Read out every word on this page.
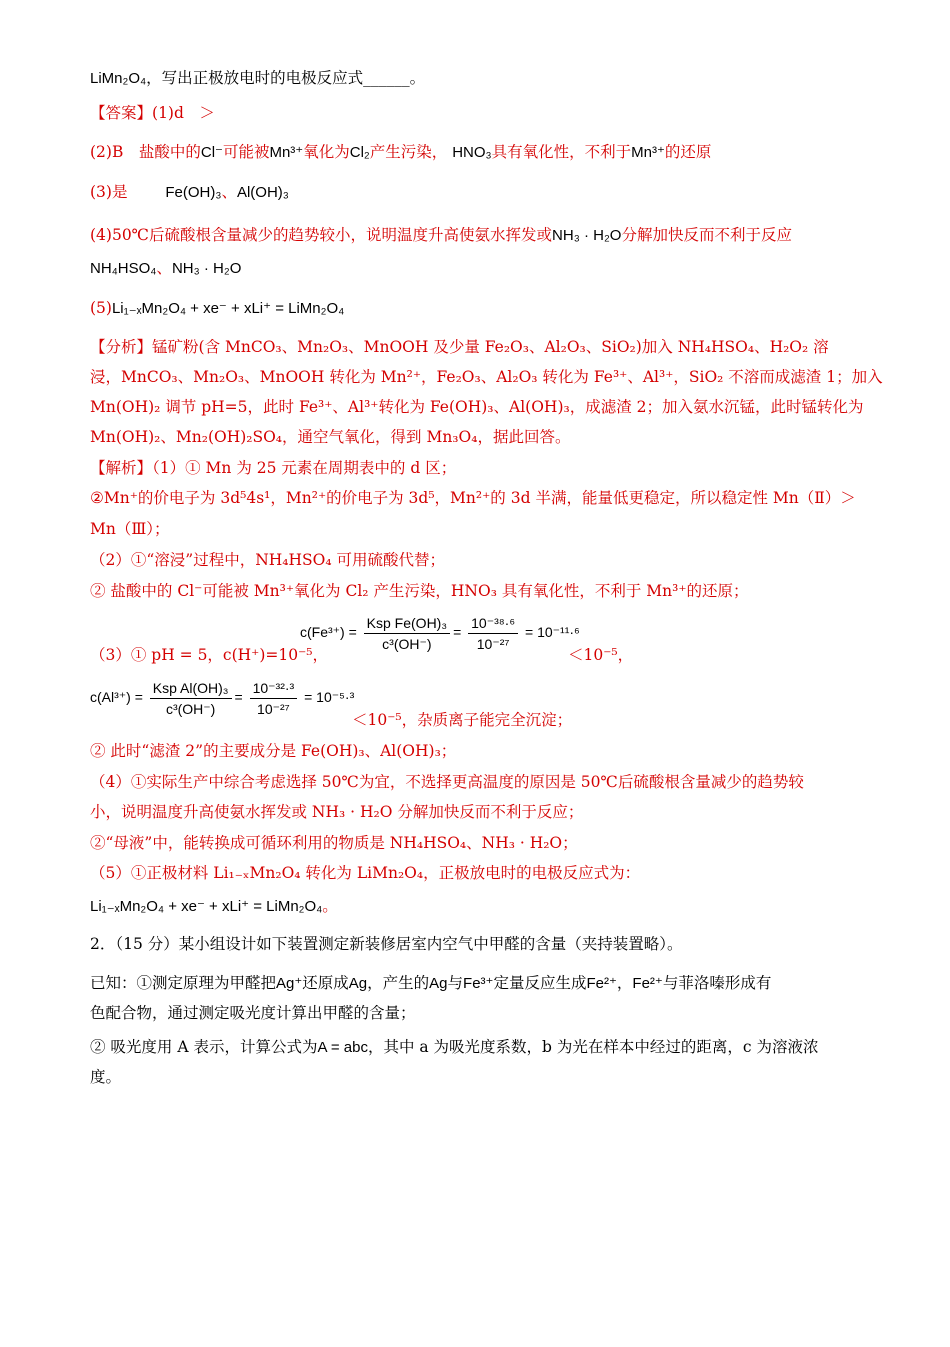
LiMn₂O₄，写出正极放电时的电极反应式______。
【答案】(1)d　＞
(2)B　盐酸中的Cl⁻可能被Mn³⁺氧化为Cl₂产生污染， HNO₃具有氧化性，不利于Mn³⁺的还原
(3)是	Fe(OH)₃、Al(OH)₃
(4)50℃后硫酸根含量减少的趋势较小，说明温度升高使氨水挥发或NH₃ · H₂O分解加快反而不利于反应
NH₄HSO₄、NH₃ · H₂O
(5)Li₁₋ₓMn₂O₄ + xe⁻ + xLi⁺ = LiMn₂O₄
【分析】锰矿粉(含 MnCO₃、Mn₂O₃、MnOOH 及少量 Fe₂O₃、Al₂O₃、SiO₂)加入 NH₄HSO₄、H₂O₂ 溶
浸，MnCO₃、Mn₂O₃、MnOOH 转化为 Mn²⁺，Fe₂O₃、Al₂O₃ 转化为 Fe³⁺、Al³⁺，SiO₂ 不溶而成滤渣 1；加入
Mn(OH)₂ 调节 pH=5，此时 Fe³⁺、Al³⁺转化为 Fe(OH)₃、Al(OH)₃，成滤渣 2；加入氨水沉锰，此时锰转化为
Mn(OH)₂、Mn₂(OH)₂SO₄，通空气氧化，得到 Mn₃O₄，据此回答。
【解析】（1）① Mn 为 25 元素在周期表中的 d 区；
②Mn⁺的价电子为 3d⁵4s¹，Mn²⁺的价电子为 3d⁵，Mn²⁺的 3d 半满，能量低更稳定，所以稳定性 Mn（Ⅱ）＞
Mn（Ⅲ）；
（2）①“溶浸”过程中，NH₄HSO₄ 可用硫酸代替；
② 盐酸中的 Cl⁻可能被 Mn³⁺氧化为 Cl₂ 产生污染，HNO₃ 具有氧化性，不利于 Mn³⁺的还原；
$c(Fe^{3+}) = \frac{\text{Ksp Fe(OH)₃}}{\text{c³(OH⁻)}} = \frac{\text{10⁻³⁸·⁶}}{\text{10⁻²⁷}} = 10^{-11}\cdot^6$
（3）① pH = 5，c(H⁺)=10⁻⁵，	＜10⁻⁵，
$c(Al^{3+}) = \frac{\text{Ksp Al(OH)₃}}{\text{c³(OH⁻)}} = \frac{\text{10⁻³²·³}}{\text{10⁻²⁷}} = 10^{-5}\cdot^3$
＜10⁻⁵，杂质离子能完全沉淀；
② 此时“滤渣 2”的主要成分是 Fe(OH)₃、Al(OH)₃；
（4）①实际生产中综合考虑选择 50℃为宜，不选择更高温度的原因是 50℃后硫酸根含量减少的趋势较
小，说明温度升高使氨水挥发或 NH₃ · H₂O 分解加快反而不利于反应；
②“母液”中，能转换成可循环利用的物质是 NH₄HSO₄、NH₃ · H₂O；
（5）①正极材料 Li₁₋ₓMn₂O₄ 转化为 LiMn₂O₄，正极放电时的电极反应式为：
Li₁₋ₓMn₂O₄ + xe⁻ + xLi⁺ = LiMn₂O₄。
2．（15 分）某小组设计如下装置测定新装修居室内空气中甲醛的含量（夹持装置略）。
已知：①测定原理为甲醛把Ag⁺还原成Ag，产生的Ag与Fe³⁺定量反应生成Fe²⁺，Fe²⁺与菲洛嗪形成有
色配合物，通过测定吸光度计算出甲醛的含量；
② 吸光度用 A 表示，计算公式为A = abc，其中 a 为吸光度系数，b 为光在样本中经过的距离，c 为溶液浓
度。
